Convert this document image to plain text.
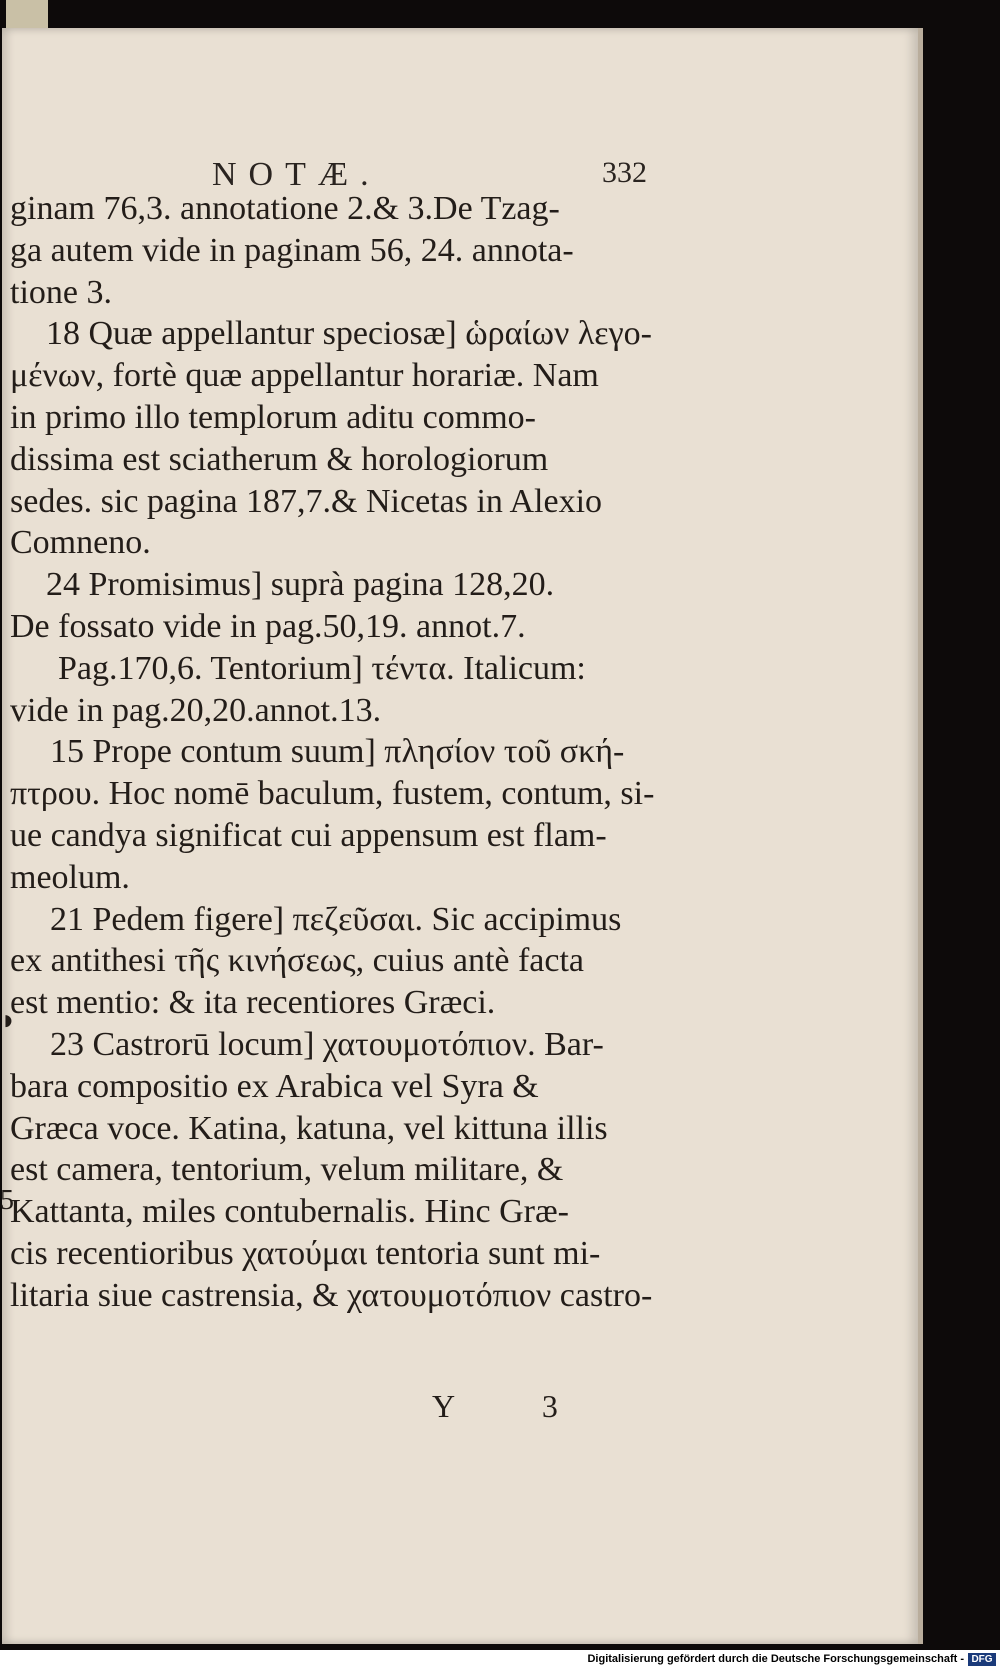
NOTÆ.	332
ginam 76,3. annotatione 2.& 3.De Tzag-
ga autem vide in paginam 56, 24. annota-
tione 3.
18 Quæ appellantur speciosæ] ὡραίων λεγο-
μένων, fortè quæ appellantur horariæ. Nam
in primo illo templorum aditu commo-
dissima est sciatherum & horologiorum
sedes. sic pagina 187,7.& Nicetas in Alexio
Comneno.
24 Promisimus] suprà pagina 128,20.
De fossato vide in pag.50,19. annot.7.
Pag.170,6. Tentorium] τέντα. Italicum:
vide in pag.20,20.annot.13.
15 Prope contum suum] πλησίον τοῦ σκή-
πτρου. Hoc nomē baculum, fustem, contum, si-
ue candya significat cui appensum est flam-
meolum.
21 Pedem figere] πεζεῦσαι. Sic accipimus
ex antithesi τῆς κινήσεως, cuius antè facta
est mentio: & ita recentiores Græci.
23 Castrorū locum] χατουμοτόπιον. Bar-
bara compositio ex Arabica vel Syra &
Græca voce. Katina, katuna, vel kittuna illis
est camera, tentorium, velum militare, &
Kattanta, miles contubernalis. Hinc Græ-
cis recentioribus χατούμαι tentoria sunt mi-
litaria siue castrensia, & χατουμοτόπιον castro-
Y 3
◗
5
Digitalisierung gefördert durch die Deutsche Forschungsgemeinschaft - DFG
